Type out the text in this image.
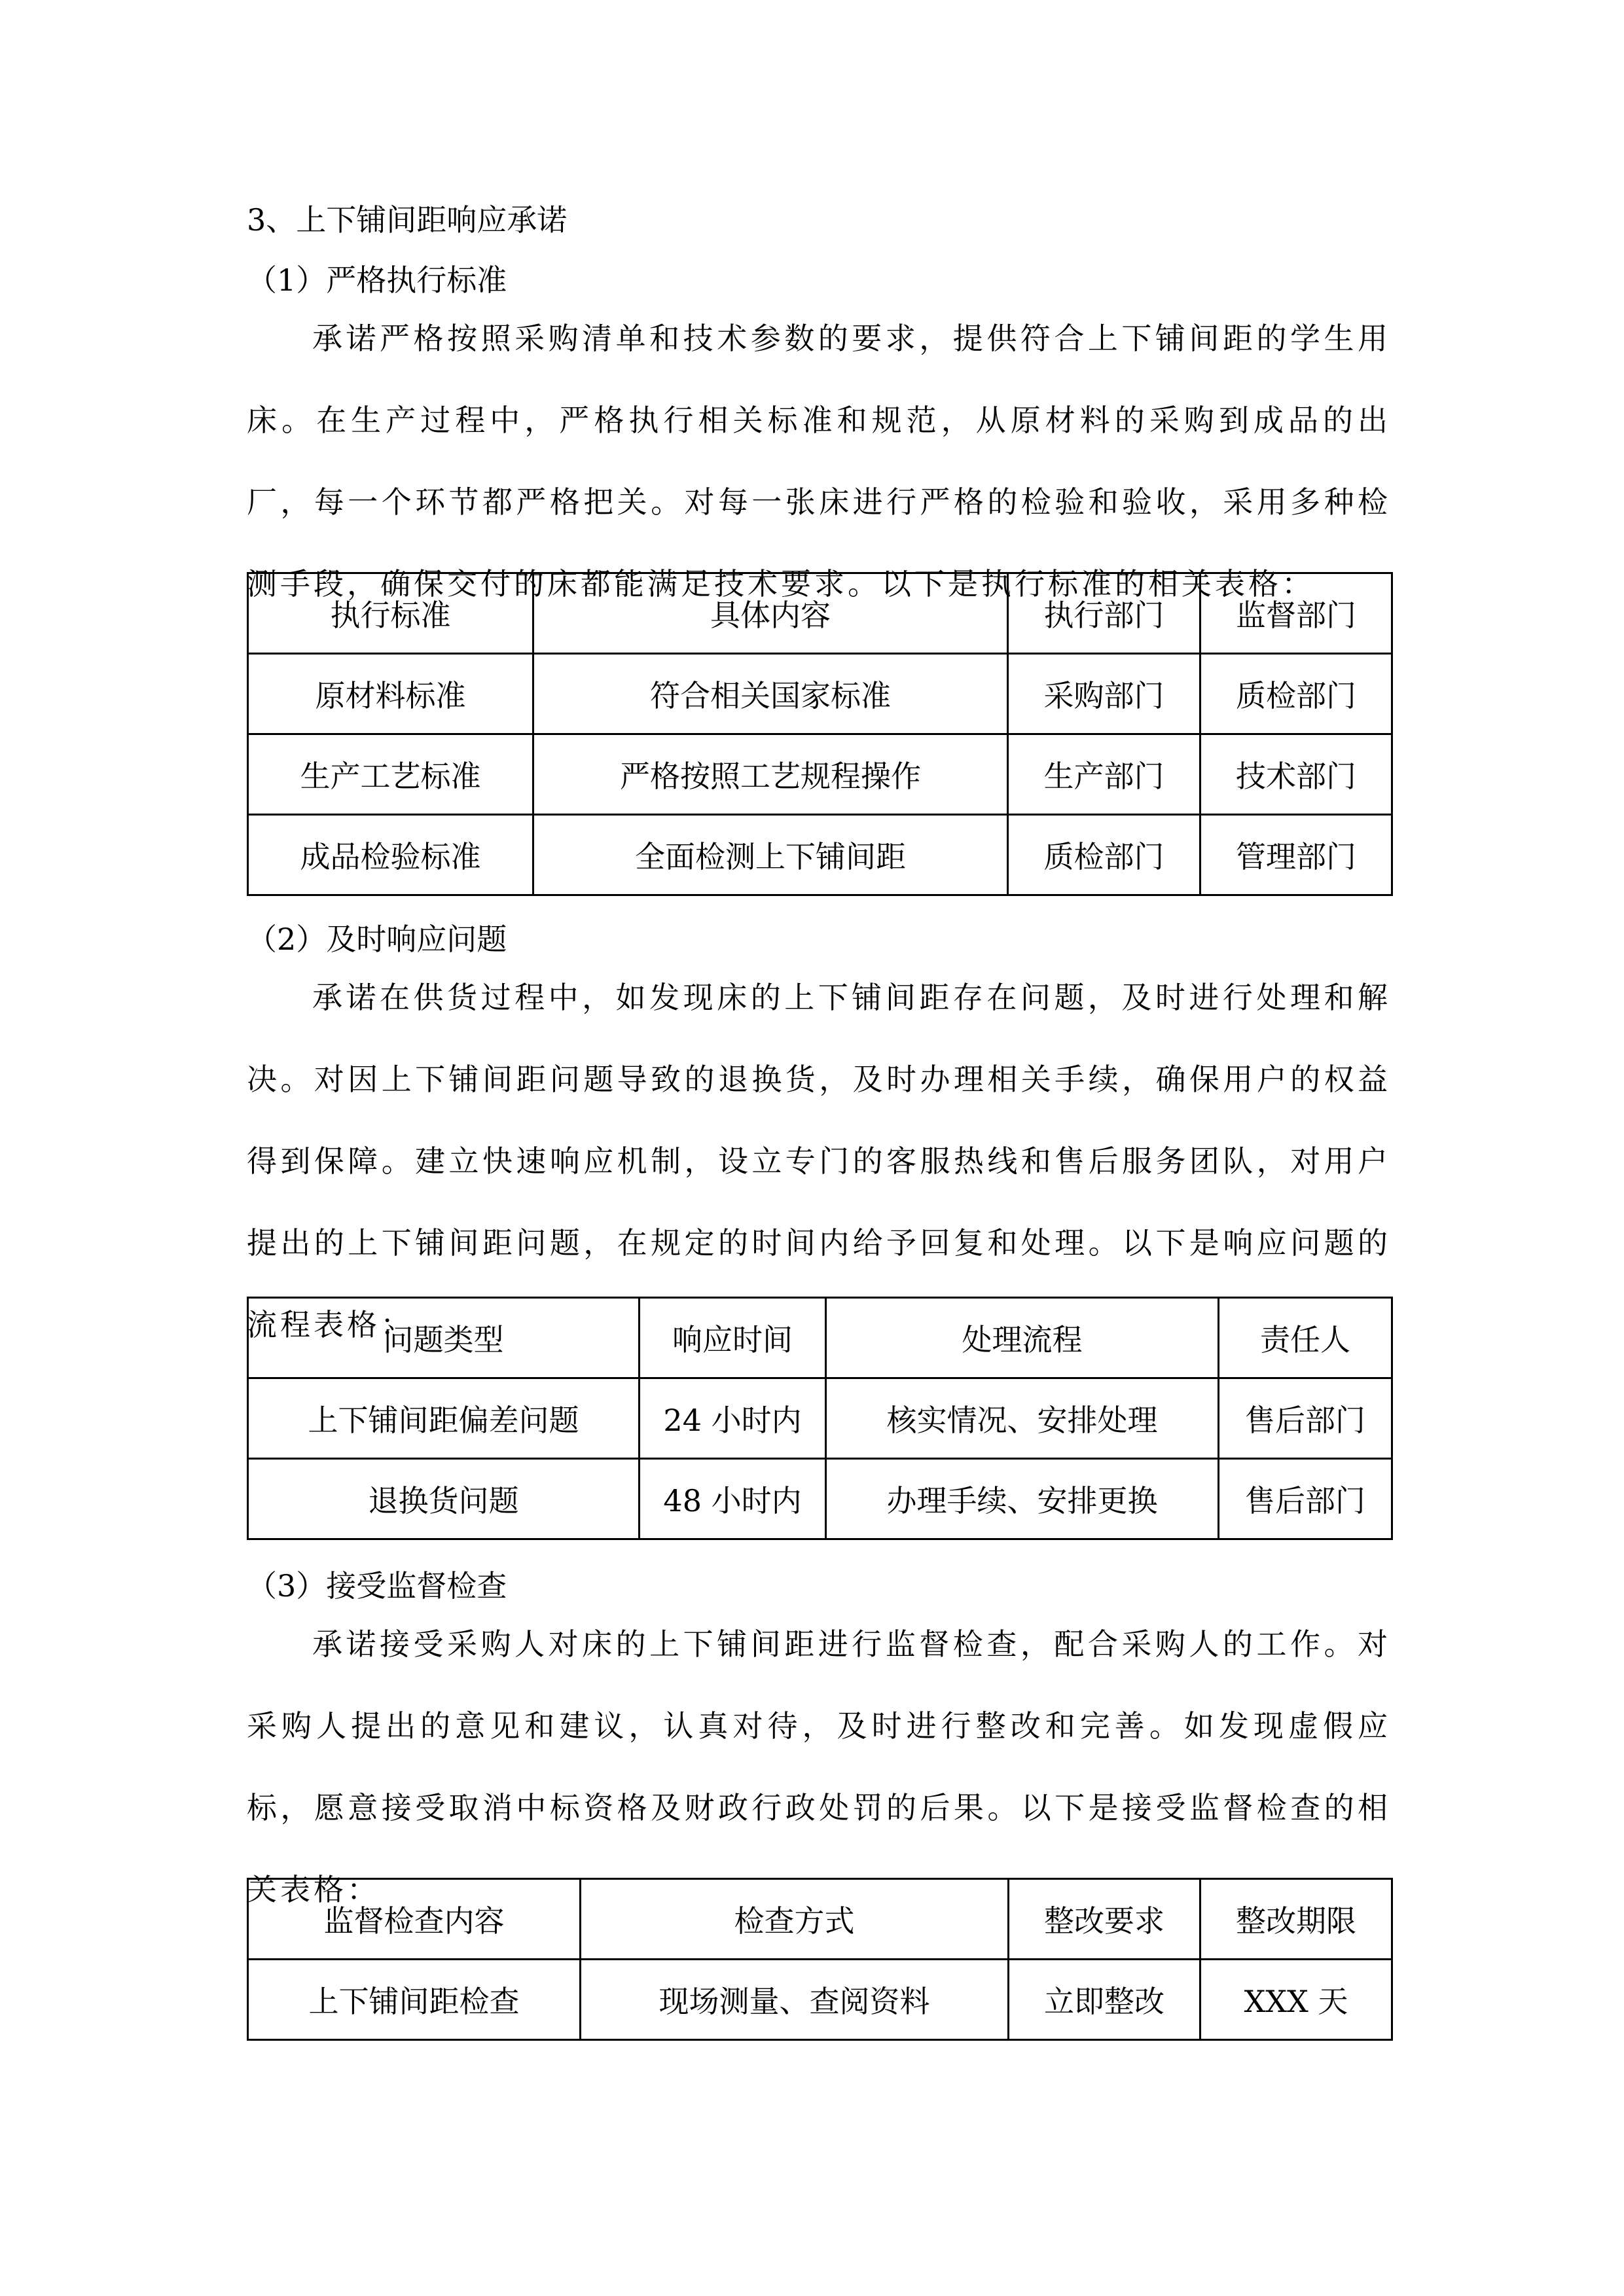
3、上下铺间距响应承诺
（1）严格执行标准

承诺严格按照采购清单和技术参数的要求，提供符合上下铺间距的学生用床。在生产过程中，严格执行相关标准和规范，从原材料的采购到成品的出厂，每一个环节都严格把关。对每一张床进行严格的检验和验收，采用多种检测手段，确保交付的床都能满足技术要求。以下是执行标准的相关表格：

执行标准	具体内容	执行部门	监督部门
原材料标准	符合相关国家标准	采购部门	质检部门
生产工艺标准	严格按照工艺规程操作	生产部门	技术部门
成品检验标准	全面检测上下铺间距	质检部门	管理部门
（2）及时响应问题

承诺在供货过程中，如发现床的上下铺间距存在问题，及时进行处理和解决。对因上下铺间距问题导致的退换货，及时办理相关手续，确保用户的权益得到保障。建立快速响应机制，设立专门的客服热线和售后服务团队，对用户提出的上下铺间距问题，在规定的时间内给予回复和处理。以下是响应问题的流程表格：

问题类型	响应时间	处理流程	责任人
上下铺间距偏差问题	24 小时内	核实情况、安排处理	售后部门
退换货问题	48 小时内	办理手续、安排更换	售后部门
（3）接受监督检查

承诺接受采购人对床的上下铺间距进行监督检查，配合采购人的工作。对采购人提出的意见和建议，认真对待，及时进行整改和完善。如发现虚假应标，愿意接受取消中标资格及财政行政处罚的后果。以下是接受监督检查的相关表格：

监督检查内容	检查方式	整改要求	整改期限
上下铺间距检查	现场测量、查阅资料	立即整改	XXX 天
